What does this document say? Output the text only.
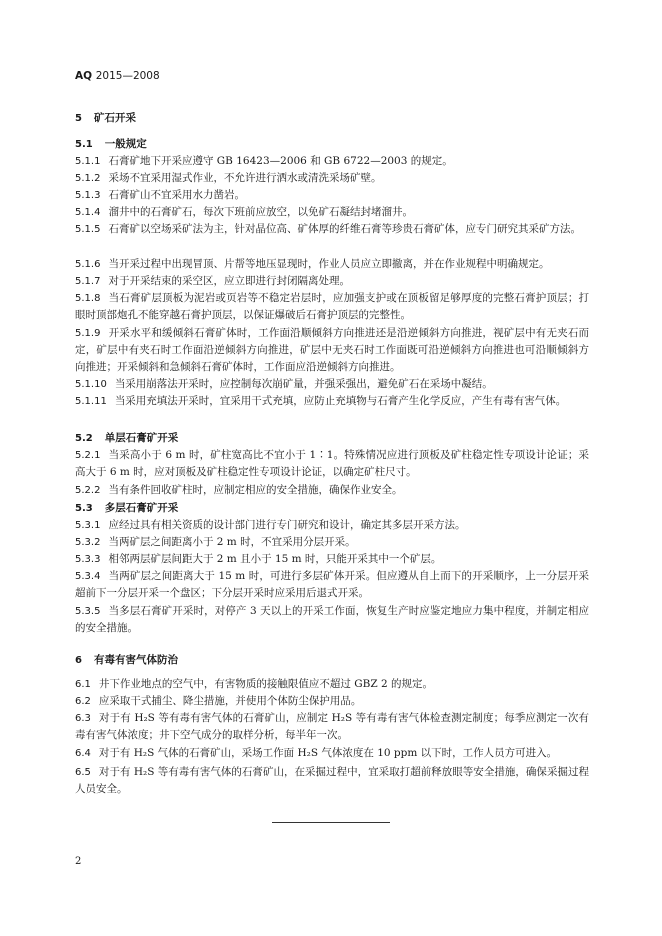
AQ 2015—2008
5 矿石开采
5.1 一般规定
5.1.1 石膏矿地下开采应遵守 GB 16423—2006 和 GB 6722—2003 的规定。
5.1.2 采场不宜采用湿式作业，不允许进行洒水或清洗采场矿壁。
5.1.3 石膏矿山不宜采用水力凿岩。
5.1.4 溜井中的石膏矿石，每次下班前应放空，以免矿石凝结封堵溜井。
5.1.5 石膏矿以空场采矿法为主，针对晶位高、矿体厚的纤维石膏等珍贵石膏矿体，应专门研究其采矿方法。
5.1.6 当开采过程中出现冒顶、片帮等地压显现时，作业人员应立即撤离，并在作业规程中明确规定。
5.1.7 对于开采结束的采空区，应立即进行封闭隔离处理。
5.1.8 当石膏矿层顶板为泥岩或页岩等不稳定岩层时，应加强支护或在顶板留足够厚度的完整石膏护顶层；打眼时顶部炮孔不能穿越石膏护顶层，以保证爆破后石膏护顶层的完整性。
5.1.9 开采水平和缓倾斜石膏矿体时，工作面沿顺倾斜方向推进还是沿逆倾斜方向推进，视矿层中有无夹石而定，矿层中有夹石时工作面沿逆倾斜方向推进，矿层中无夹石时工作面既可沿逆倾斜方向推进也可沿顺倾斜方向推进；开采倾斜和急倾斜石膏矿体时，工作面应沿逆倾斜方向推进。
5.1.10 当采用崩落法开采时，应控制每次崩矿量，并强采强出，避免矿石在采场中凝结。
5.1.11 当采用充填法开采时，宜采用干式充填，应防止充填物与石膏产生化学反应，产生有毒有害气体。
5.2 单层石膏矿开采
5.2.1 当采高小于 6 m 时，矿柱宽高比不宜小于 1∶1。特殊情况应进行顶板及矿柱稳定性专项设计论证；采高大于 6 m 时，应对顶板及矿柱稳定性专项设计论证，以确定矿柱尺寸。
5.2.2 当有条件回收矿柱时，应制定相应的安全措施，确保作业安全。
5.3 多层石膏矿开采
5.3.1 应经过具有相关资质的设计部门进行专门研究和设计，确定其多层开采方法。
5.3.2 当两矿层之间距离小于 2 m 时，不宜采用分层开采。
5.3.3 相邻两层矿层间距大于 2 m 且小于 15 m 时，只能开采其中一个矿层。
5.3.4 当两矿层之间距离大于 15 m 时，可进行多层矿体开采。但应遵从自上而下的开采顺序，上一分层开采超前下一分层开采一个盘区；下分层开采时应采用后退式开采。
5.3.5 当多层石膏矿开采时，对停产 3 天以上的开采工作面，恢复生产时应鉴定地应力集中程度，并制定相应的安全措施。
6 有毒有害气体防治
6.1 井下作业地点的空气中，有害物质的接触限值应不超过 GBZ 2 的规定。
6.2 应采取干式捕尘、降尘措施，并使用个体防尘保护用品。
6.3 对于有 H₂S 等有毒有害气体的石膏矿山，应制定 H₂S 等有毒有害气体检查测定制度；每季应测定一次有毒有害气体浓度；井下空气成分的取样分析，每半年一次。
6.4 对于有 H₂S 气体的石膏矿山，采场工作面 H₂S 气体浓度在 10 ppm 以下时，工作人员方可进入。
6.5 对于有 H₂S 等有毒有害气体的石膏矿山，在采掘过程中，宜采取打超前释放眼等安全措施，确保采掘过程人员安全。
2
